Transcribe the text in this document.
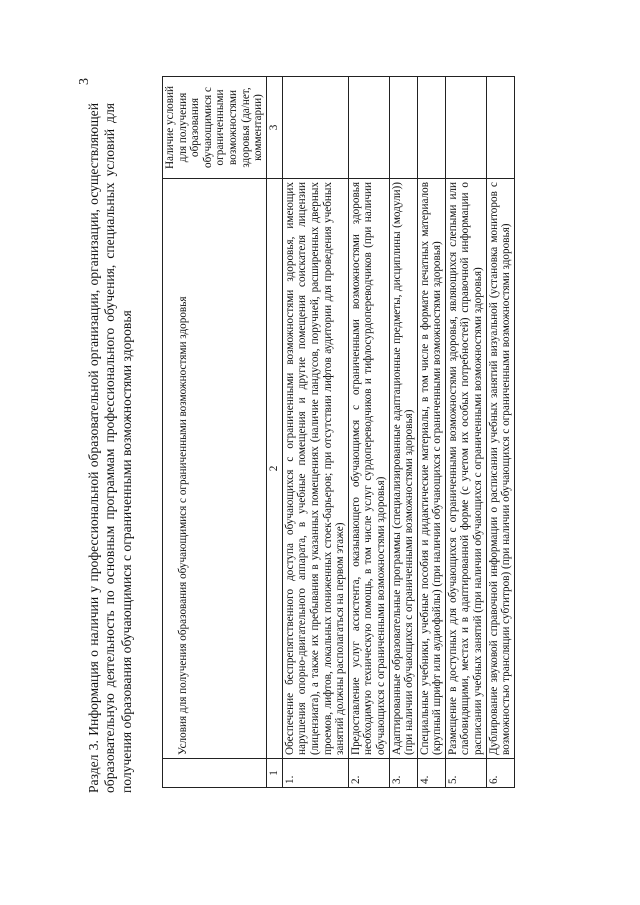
3
Раздел 3. Информация о наличии у профессиональной образовательной организации, организации, осуществляющей образовательную деятельность по основным программам профессионального обучения, специальных условий для получения образования обучающимися с ограниченными возможностями здоровья
		Условия для получения образования обучающимися с ограниченными возможностями здоровья	Наличие условий для получения образования обучающимися с ограниченными возможностями здоровья (да/нет, комментарии)
1	2	3
1.	Обеспечение беспрепятственного доступа обучающихся с ограниченными возможностями здоровья, имеющих нарушения опорно-двигательного аппарата, в учебные помещения и другие помещения соискателя лицензии (лицензиата), а также их пребывания в указанных помещениях (наличие пандусов, поручней, расширенных дверных проемов, лифтов, локальных пониженных стоек-барьеров; при отсутствии лифтов аудитории для проведения учебных занятий должны располагаться на первом этаже)	
2.	Предоставление услуг ассистента, оказывающего обучающимся с ограниченными возможностями здоровья необходимую техническую помощь, в том числе услуг сурдопереводчиков и тифлосурдопереводчиков (при наличии обучающихся с ограниченными возможностями здоровья)	
3.	Адаптированные образовательные программы (специализированные адаптационные предметы, дисциплины (модули)) (при наличии обучающихся с ограниченными возможностями здоровья)	
4.	Специальные учебники, учебные пособия и дидактические материалы, в том числе в формате печатных материалов (крупный шрифт или аудиофайлы) (при наличии обучающихся с ограниченными возможностями здоровья)	
5.	Размещение в доступных для обучающихся с ограниченными возможностями здоровья, являющихся слепыми или слабовидящими, местах и в адаптированной форме (с учетом их особых потребностей) справочной информации о расписании учебных занятий (при наличии обучающихся с ограниченными возможностями здоровья)	
6.	Дублирование звуковой справочной информации о расписании учебных занятий визуальной (установка мониторов с возможностью трансляции субтитров) (при наличии обучающихся с ограниченными возможностями здоровья)	
